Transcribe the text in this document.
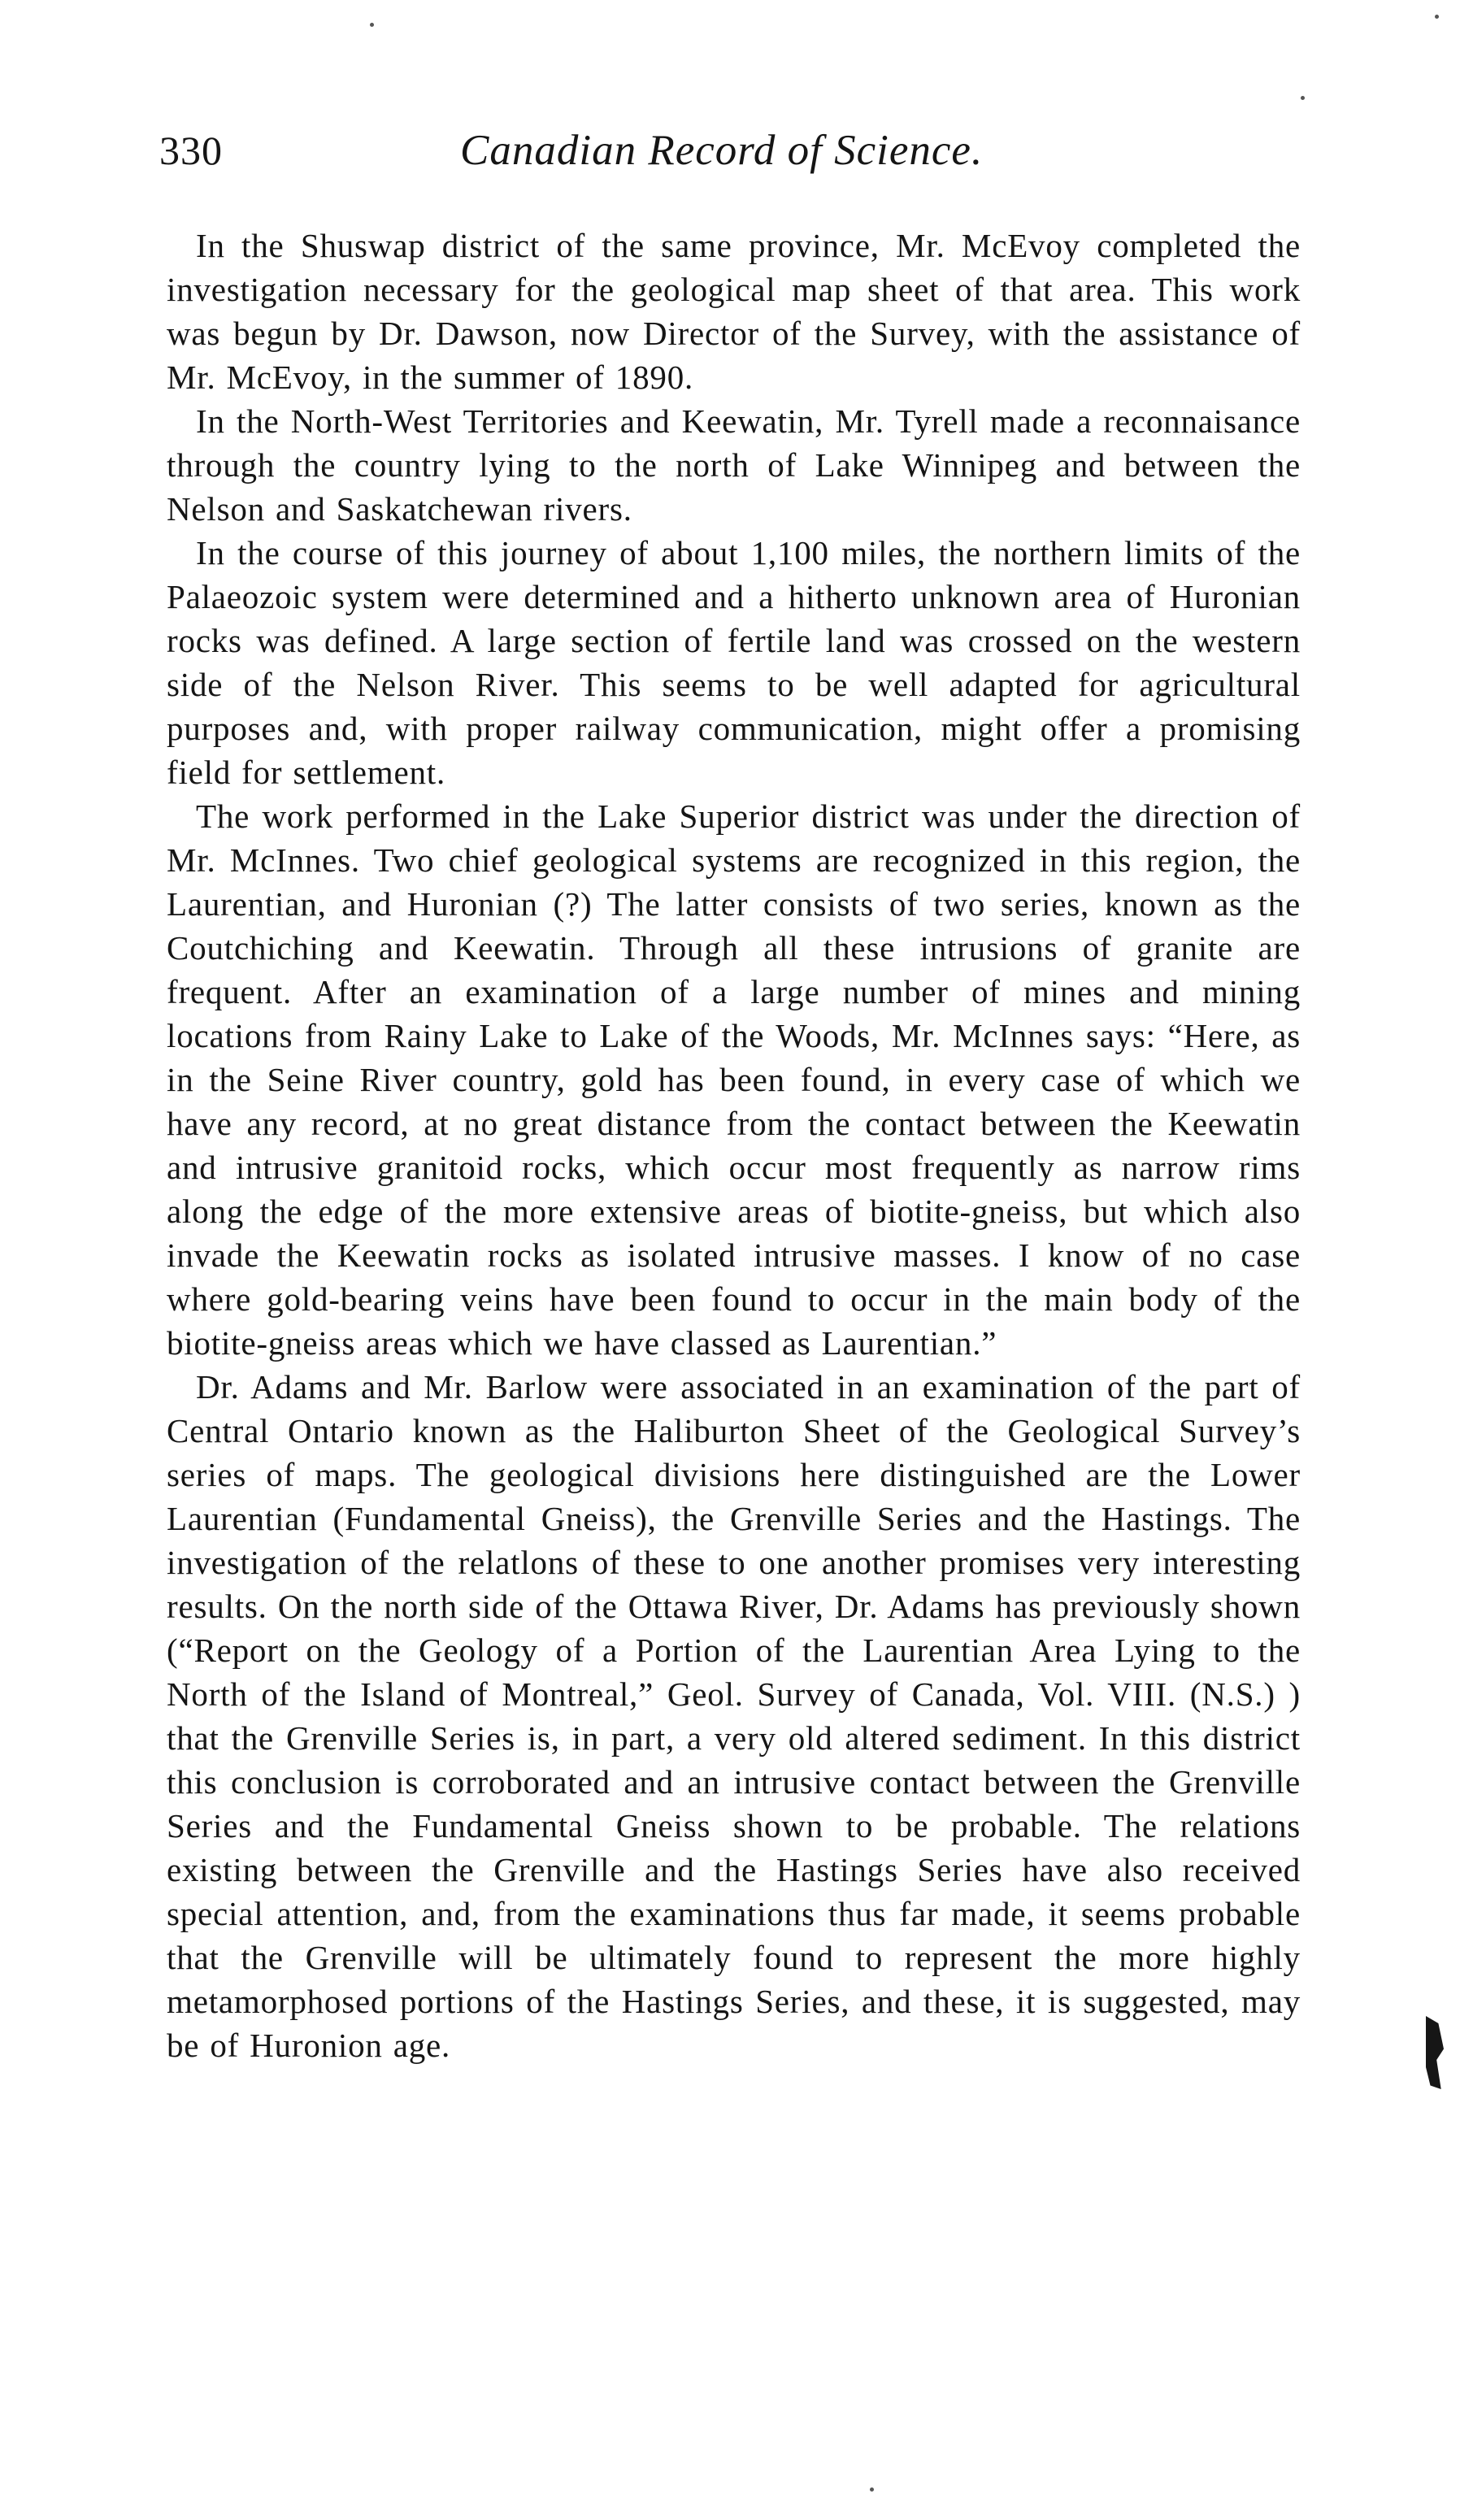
330	Canadian Record of Science.

In the Shuswap district of the same province, Mr. McEvoy completed the investigation necessary for the geological map sheet of that area. This work was begun by Dr. Dawson, now Director of the Survey, with the assistance of Mr. McEvoy, in the summer of 1890.

In the North-West Territories and Keewatin, Mr. Tyrell made a reconnaisance through the country lying to the north of Lake Winnipeg and between the Nelson and Saskatchewan rivers.

In the course of this journey of about 1,100 miles, the northern limits of the Palaeozoic system were determined and a hitherto unknown area of Huronian rocks was defined. A large section of fertile land was crossed on the western side of the Nelson River. This seems to be well adapted for agricultural purposes and, with proper railway communication, might offer a promising field for settlement.

The work performed in the Lake Superior district was under the direction of Mr. McInnes. Two chief geological systems are recognized in this region, the Laurentian, and Huronian (?) The latter consists of two series, known as the Coutchiching and Keewatin. Through all these intrusions of granite are frequent. After an examination of a large number of mines and mining locations from Rainy Lake to Lake of the Woods, Mr. McInnes says: “Here, as in the Seine River country, gold has been found, in every case of which we have any record, at no great distance from the contact between the Keewatin and intrusive granitoid rocks, which occur most frequently as narrow rims along the edge of the more extensive areas of biotite-gneiss, but which also invade the Keewatin rocks as isolated intrusive masses. I know of no case where gold-bearing veins have been found to occur in the main body of the biotite-gneiss areas which we have classed as Laurentian.”

Dr. Adams and Mr. Barlow were associated in an examination of the part of Central Ontario known as the Haliburton Sheet of the Geological Survey’s series of maps. The geological divisions here distinguished are the Lower Laurentian (Fundamental Gneiss), the Grenville Series and the Hastings. The investigation of the relatlons of these to one another promises very interesting results. On the north side of the Ottawa River, Dr. Adams has previously shown (“Report on the Geology of a Portion of the Laurentian Area Lying to the North of the Island of Montreal,” Geol. Survey of Canada, Vol. VIII. (N.S.) ) that the Grenville Series is, in part, a very old altered sediment. In this district this conclusion is corroborated and an intrusive contact between the Grenville Series and the Fundamental Gneiss shown to be probable. The relations existing between the Grenville and the Hastings Series have also received special attention, and, from the examinations thus far made, it seems probable that the Grenville will be ultimately found to represent the more highly metamorphosed portions of the Hastings Series, and these, it is suggested, may be of Huronion age.
